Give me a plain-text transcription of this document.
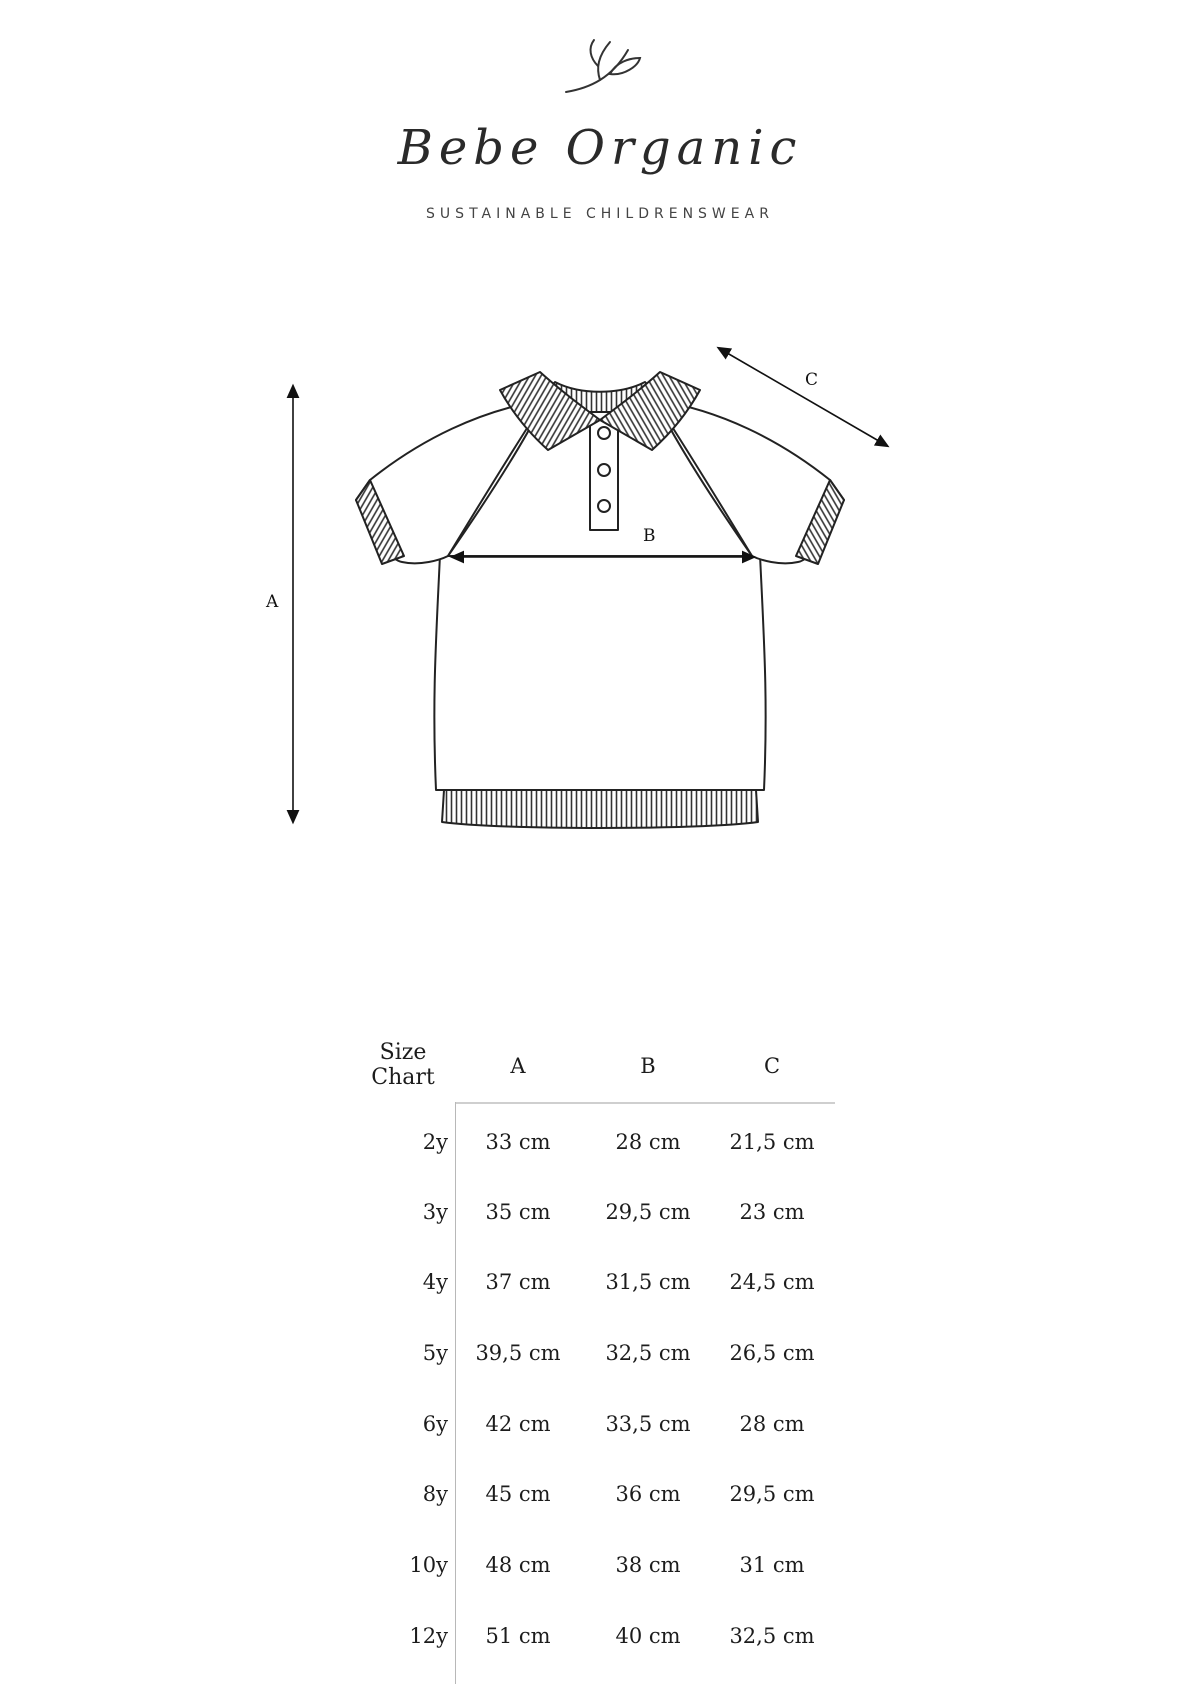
Bebe Organic
SUSTAINABLE CHILDRENSWEAR
A
B
C
Size
Chart	A	B	C
2y	33 cm	28 cm	21,5 cm
3y	35 cm	29,5 cm	23 cm
4y	37 cm	31,5 cm	24,5 cm
5y	39,5 cm	32,5 cm	26,5 cm
6y	42 cm	33,5 cm	28 cm
8y	45 cm	36 cm	29,5 cm
10y	48 cm	38 cm	31 cm
12y	51 cm	40 cm	32,5 cm
